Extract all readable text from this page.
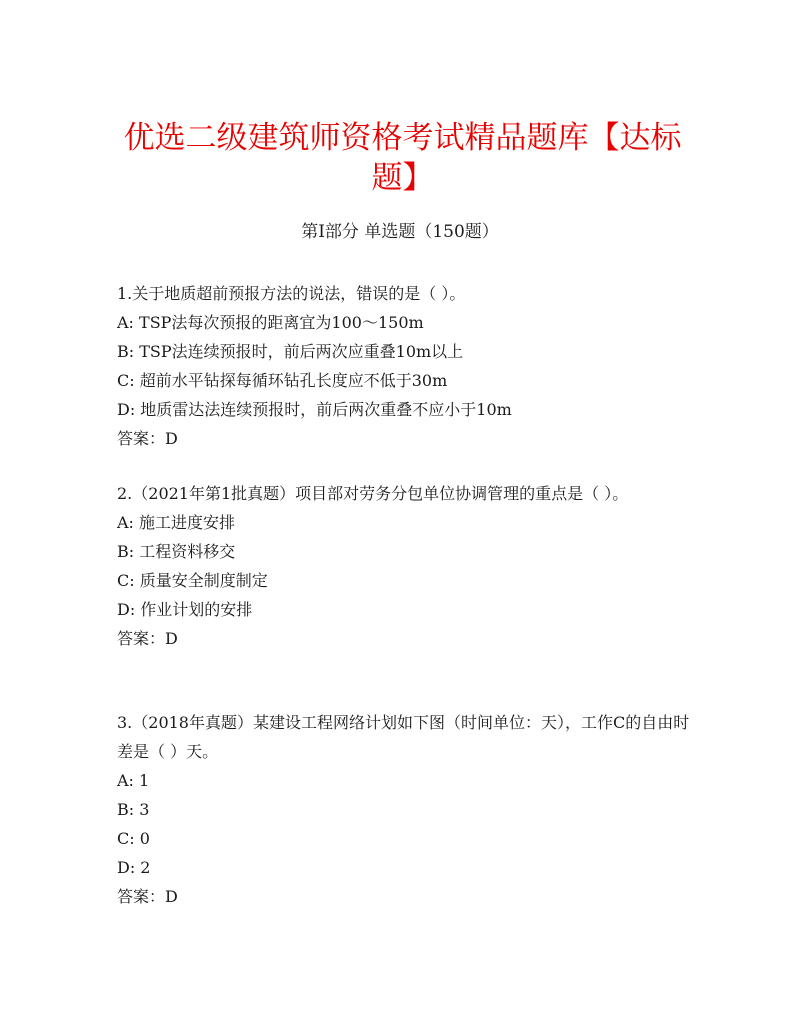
优选二级建筑师资格考试精品题库【达标题】
第I部分 单选题（150题）

1.关于地质超前预报方法的说法，错误的是（ ）。

A: TSP法每次预报的距离宜为100～150m

B: TSP法连续预报时，前后两次应重叠10m以上

C: 超前水平钻探每循环钻孔长度应不低于30m

D: 地质雷达法连续预报时，前后两次重叠不应小于10m

答案：D

2.（2021年第1批真题）项目部对劳务分包单位协调管理的重点是（ ）。

A: 施工进度安排

B: 工程资料移交

C: 质量安全制度制定

D: 作业计划的安排

答案：D

3.（2018年真题）某建设工程网络计划如下图（时间单位：天），工作C的自由时差是（ ）天。

A: 1

B: 3

C: 0

D: 2

答案：D
